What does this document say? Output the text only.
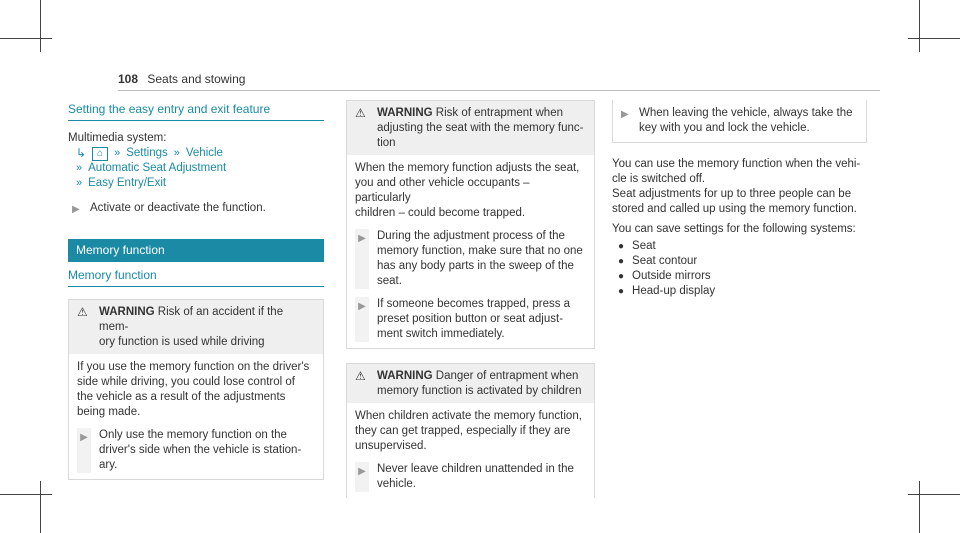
108 Seats and stowing
Setting the easy entry and exit feature

Multimedia system:

↳	⌂ » Settings » Vehicle
» Automatic Seat Adjustment
» Easy Entry/Exit
▶ Activate or deactivate the function.
Memory function
Memory function
⚠ WARNING Risk of an accident if the mem-
ory function is used while driving
If you use the memory function on the driver's
side while driving, you could lose control of
the vehicle as a result of the adjustments
being made.
▶ Only use the memory function on the
driver's side when the vehicle is station-
ary.
⚠ WARNING Risk of entrapment when
adjusting the seat with the memory func-
tion
When the memory function adjusts the seat,
you and other vehicle occupants – particularly
children – could become trapped.
▶ During the adjustment process of the
memory function, make sure that no one
has any body parts in the sweep of the
seat.
▶ If someone becomes trapped, press a
preset position button or seat adjust-
ment switch immediately.
⚠ WARNING Danger of entrapment when
memory function is activated by children
When children activate the memory function,
they can get trapped, especially if they are
unsupervised.
▶ Never leave children unattended in the
vehicle.
▶ When leaving the vehicle, always take the
key with you and lock the vehicle.
You can use the memory function when the vehi-
cle is switched off.
Seat adjustments for up to three people can be
stored and called up using the memory function.

You can save settings for the following systems:

● Seat
● Seat contour
● Outside mirrors
● Head-up display
